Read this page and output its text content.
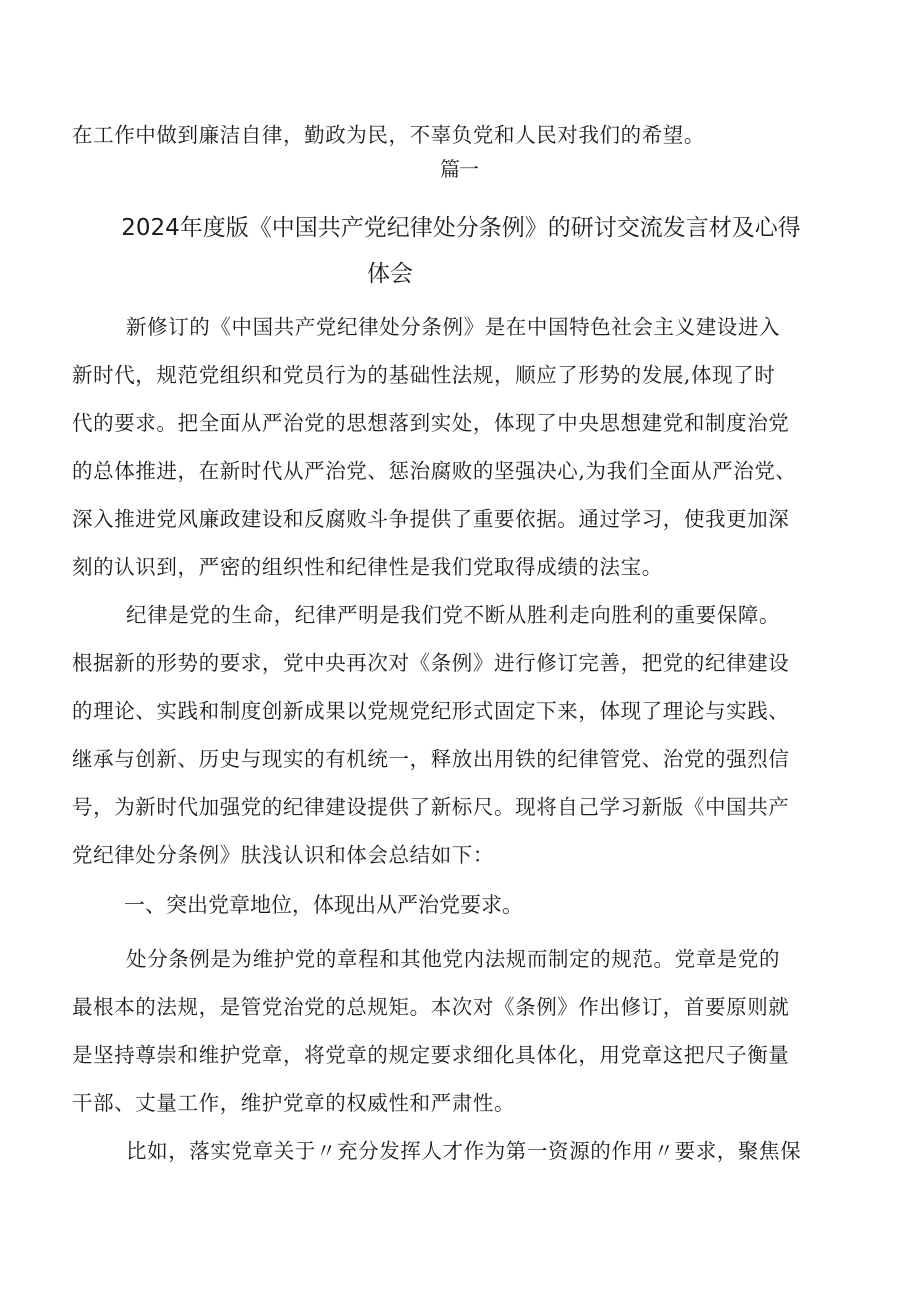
在工作中做到廉洁自律，勤政为民，不辜负党和人民对我们的希望。
篇一
2024年度版《中国共产党纪律处分条例》的研讨交流发言材及心得
体会
新修订的《中国共产党纪律处分条例》是在中国特色社会主义建设进入
新时代，规范党组织和党员行为的基础性法规，顺应了形势的发展,体现了时
代的要求。把全面从严治党的思想落到实处，体现了中央思想建党和制度治党
的总体推进，在新时代从严治党、惩治腐败的坚强决心,为我们全面从严治党、
深入推进党风廉政建设和反腐败斗争提供了重要依据。通过学习，使我更加深
刻的认识到，严密的组织性和纪律性是我们党取得成绩的法宝。
纪律是党的生命，纪律严明是我们党不断从胜利走向胜利的重要保障。
根据新的形势的要求，党中央再次对《条例》进行修订完善，把党的纪律建设
的理论、实践和制度创新成果以党规党纪形式固定下来，体现了理论与实践、
继承与创新、历史与现实的有机统一，释放出用铁的纪律管党、治党的强烈信
号，为新时代加强党的纪律建设提供了新标尺。现将自己学习新版《中国共产
党纪律处分条例》肤浅认识和体会总结如下：
一、突出党章地位，体现出从严治党要求。
处分条例是为维护党的章程和其他党内法规而制定的规范。党章是党的
最根本的法规，是管党治党的总规矩。本次对《条例》作出修订，首要原则就
是坚持尊崇和维护党章，将党章的规定要求细化具体化，用党章这把尺子衡量
干部、丈量工作，维护党章的权威性和严肃性。
比如，落实党章关于〃充分发挥人才作为第一资源的作用〃要求，聚焦保
